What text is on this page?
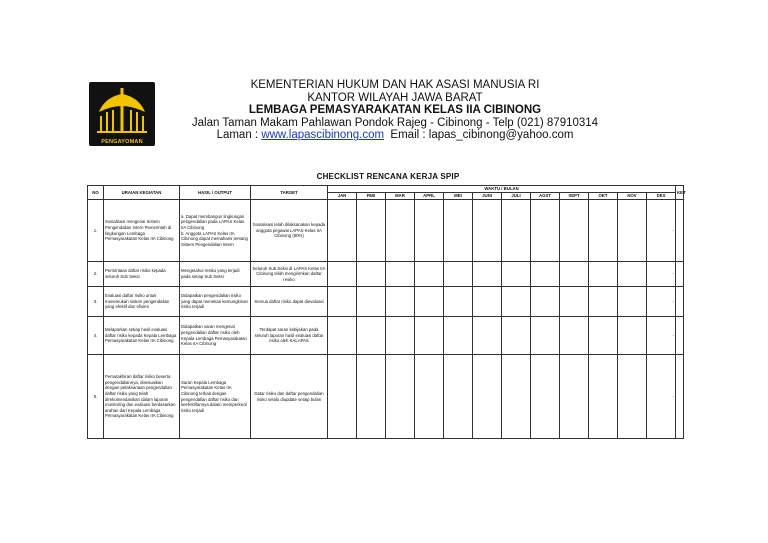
PENGAYOMAN
KEMENTERIAN HUKUM DAN HAK ASASI MANUSIA RI
KANTOR WILAYAH JAWA BARAT
LEMBAGA PEMASYARAKATAN KELAS IIA CIBINONG
Jalan Taman Makam Pahlawan Pondok Rajeg - Cibinong - Telp (021) 87910314
Laman : www.lapascibinong.com  Email : lapas_cibinong@yahoo.com
CHECKLIST RENCANA KERJA SPIP
NO	URAIAN KEGIATAN	HASIL / OUTPUT	TARGET	WAKTU / BULAN												KET
				JAN	FEB	MAR	APRL	MEI	JUNI	JULI	AGST	SEPT	OKT	NOV	DES	
1.	Sosialisasi mengenai Sistem Pengendalian Intern Pemerintah di lingkungan Lembaga Pemasyarakatan Kelas IIA Cibinong	a. Dapat membangun lingkungan pengendalian pada LAPAS Kelas IIA Cibinong
b. Anggota LAPAS Kelas IIA Cibinong dapat memahami tentang Sistem Pengendalian Intern	Sosialisasi telah dilaksanakan kepada anggota pegawai LAPAS Kelas IIA Cibinong (80%)												-	
2.	Permintaan daftar risiko kepada seluruh Sub Seksi	Mengetahui resiko yang terjadi pada setiap Sub Seksi	Seluruh Sub Seksi di LAPAS Kelas IIA Cibinong telah mengirimkan daftar resiko												-	
3.	Evaluasi daftar risiko untuk menemukan sistem pengendalian yang efektif dan efisien	Didapatkan pengendalian risiko yang dapat menekan kemungkinan risiko terjadi	Semua daftar risiko dapat dievaluasi												-	
4.	Melaporkan setiap hasil evaluasi daftar risiko kepada Kepala Lembaga Pemasyarakatan Kelas IIA Cibinong	Didapatkan saran mengenai pengendalian daftar risiko oleh Kepala Lembaga Pemasyarakatan Kelas IIA Cibinong	Terdapat saran kebijakan pada seluruh laporan hasil evaluasi daftar risiko oleh KALAPAS												-	
5.	Pemutakhiran daftar risiko beserta pengendaliannya, disesuaikan dengan pelaksanaan pengendalian daftar risiko yang telah direkomendasikan dalam laporan monitoring dan evaluasi berdasarkan arahan dari Kepala Lembaga Pemasyarakatan Kelas IIA Cibinong	Saran Kepala Lembaga Pemasyarakatan Kelas IIA Cibinong terkait dengan pengendalian daftar risiko dan keefektifannya dalam memperkecil risiko terjadi	Datar risiko dan daftar pengendalian risiko selalu diupdate setiap bulan												-	
